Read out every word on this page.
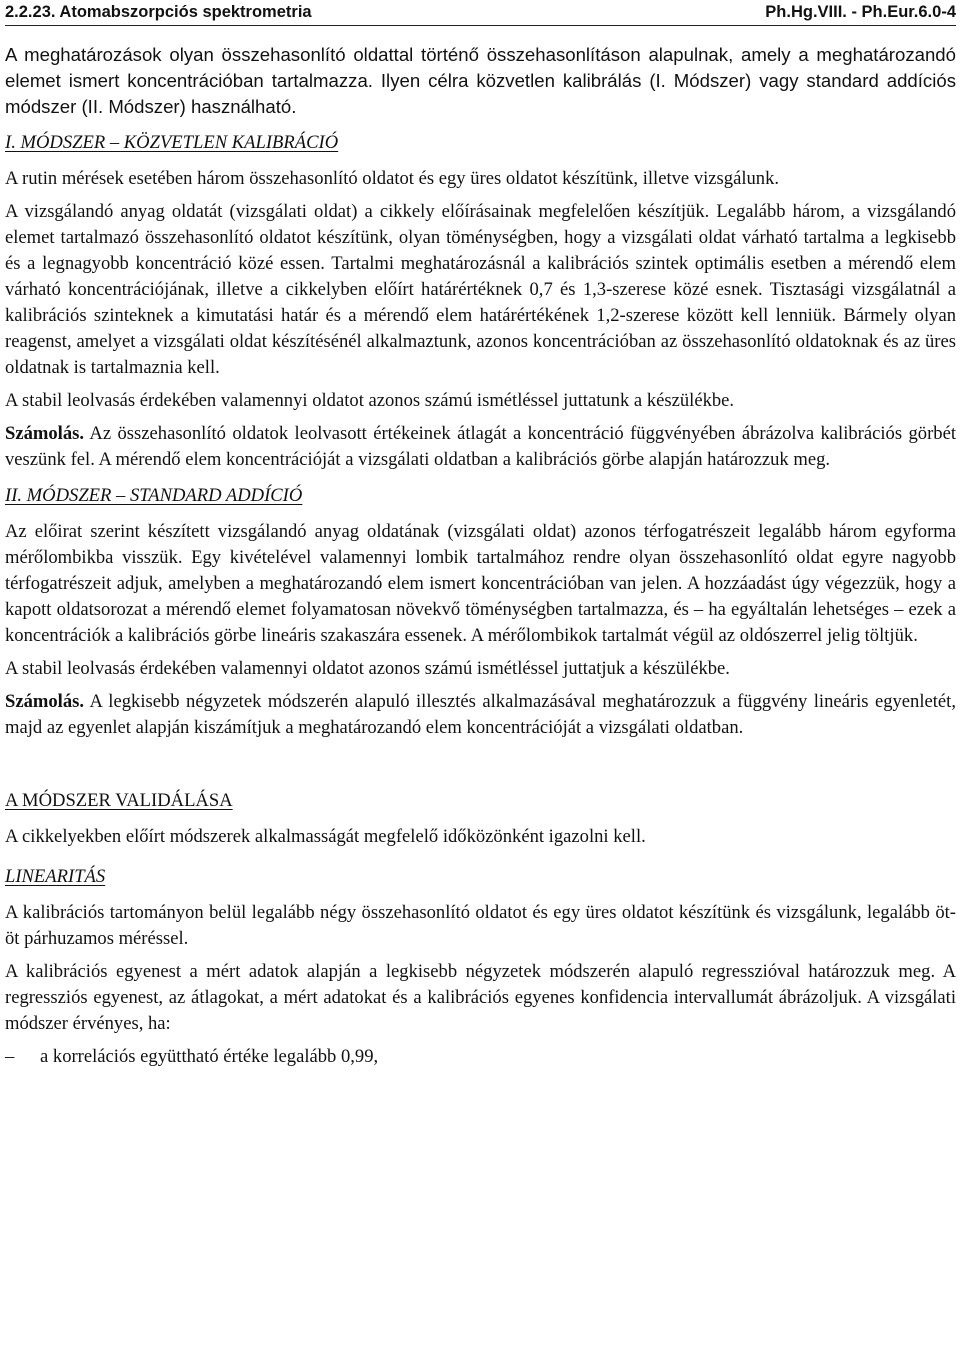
2.2.23. Atomabszorpciós spektrometria	Ph.Hg.VIII. - Ph.Eur.6.0-4
A meghatározások olyan összehasonlító oldattal történő összehasonlításon alapulnak, amely a meghatározandó elemet ismert koncentrációban tartalmazza. Ilyen célra közvetlen kalibrálás (I. Módszer) vagy standard addíciós módszer (II. Módszer) használható.
I. MÓDSZER – KÖZVETLEN KALIBRÁCIÓ

A rutin mérések esetében három összehasonlító oldatot és egy üres oldatot készítünk, illetve vizsgálunk.

A vizsgálandó anyag oldatát (vizsgálati oldat) a cikkely előírásainak megfelelően készítjük. Legalább három, a vizsgálandó elemet tartalmazó összehasonlító oldatot készítünk, olyan töménységben, hogy a vizsgálati oldat várható tartalma a legkisebb és a legnagyobb koncentráció közé essen. Tartalmi meghatározásnál a kalibrációs szintek optimális esetben a mérendő elem várható koncentrációjának, illetve a cikkelyben előírt határértéknek 0,7 és 1,3-szerese közé esnek. Tisztasági vizsgálatnál a kalibrációs szinteknek a kimutatási határ és a mérendő elem határértékének 1,2-szerese között kell lenniük. Bármely olyan reagenst, amelyet a vizsgálati oldat készítésénél alkalmaztunk, azonos koncentrációban az összehasonlító oldatoknak és az üres oldatnak is tartalmaznia kell.

A stabil leolvasás érdekében valamennyi oldatot azonos számú ismétléssel juttatunk a készülékbe.

Számolás. Az összehasonlító oldatok leolvasott értékeinek átlagát a koncentráció függvényében ábrázolva kalibrációs görbét veszünk fel. A mérendő elem koncentrációját a vizsgálati oldatban a kalibrációs görbe alapján határozzuk meg.

II. MÓDSZER – STANDARD ADDÍCIÓ

Az előirat szerint készített vizsgálandó anyag oldatának (vizsgálati oldat) azonos térfogatrészeit legalább három egyforma mérőlombikba visszük. Egy kivételével valamennyi lombik tartalmához rendre olyan összehasonlító oldat egyre nagyobb térfogatrészeit adjuk, amelyben a meghatározandó elem ismert koncentrációban van jelen. A hozzáadást úgy végezzük, hogy a kapott oldatsorozat a mérendő elemet folyamatosan növekvő töménységben tartalmazza, és – ha egyáltalán lehetséges – ezek a koncentrációk a kalibrációs görbe lineáris szakaszára essenek. A mérőlombikok tartalmát végül az oldószerrel jelig töltjük.

A stabil leolvasás érdekében valamennyi oldatot azonos számú ismétléssel juttatjuk a készülékbe.

Számolás. A legkisebb négyzetek módszerén alapuló illesztés alkalmazásával meghatározzuk a függvény lineáris egyenletét, majd az egyenlet alapján kiszámítjuk a meghatározandó elem koncentrációját a vizsgálati oldatban.

A MÓDSZER VALIDÁLÁSA

A cikkelyekben előírt módszerek alkalmasságát megfelelő időközönként igazolni kell.

LINEARITÁS

A kalibrációs tartományon belül legalább négy összehasonlító oldatot és egy üres oldatot készítünk és vizsgálunk, legalább öt-öt párhuzamos méréssel.

A kalibrációs egyenest a mért adatok alapján a legkisebb négyzetek módszerén alapuló regresszióval határozzuk meg. A regressziós egyenest, az átlagokat, a mért adatokat és a kalibrációs egyenes konfidencia intervallumát ábrázoljuk. A vizsgálati módszer érvényes, ha:

–	a korrelációs együttható értéke legalább 0,99,
